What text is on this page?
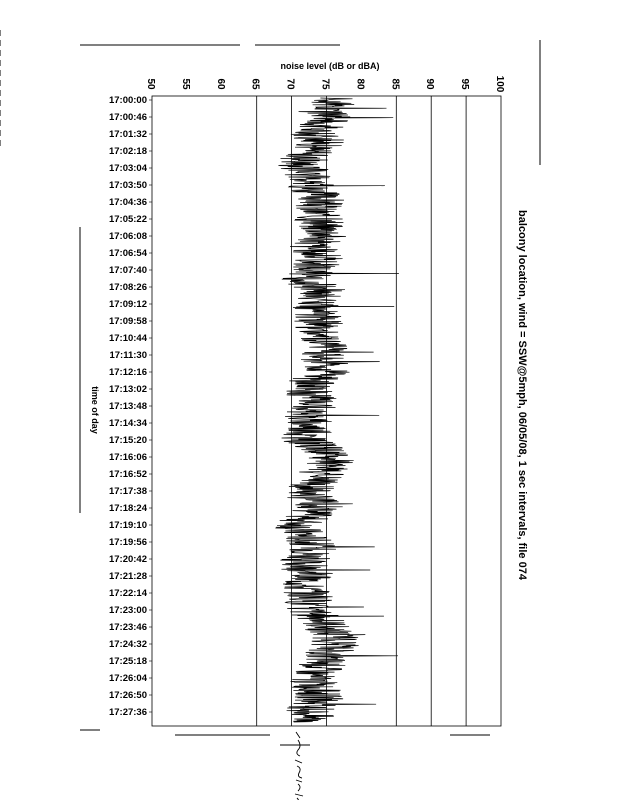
50 55 60 65 70 75 80 85 90 95 100
17:00:00
17:00:46
17:01:32
17:02:18
17:03:04
17:03:50
17:04:36
17:05:22
17:06:08
17:06:54
17:07:40
17:08:26
17:09:12
17:09:58
17:10:44
17:11:30
17:12:16
17:13:02
17:13:48
17:14:34
17:15:20
17:16:06
17:16:52
17:17:38
17:18:24
17:19:10
17:19:56
17:20:42
17:21:28
17:22:14
17:23:00
17:23:46
17:24:32
17:25:18
17:26:04
17:26:50
17:27:36
noise level (dB or dBA)
time of day	balcony location, wind = SSW@5mph, 06/05/08, 1 sec intervals, file 074
